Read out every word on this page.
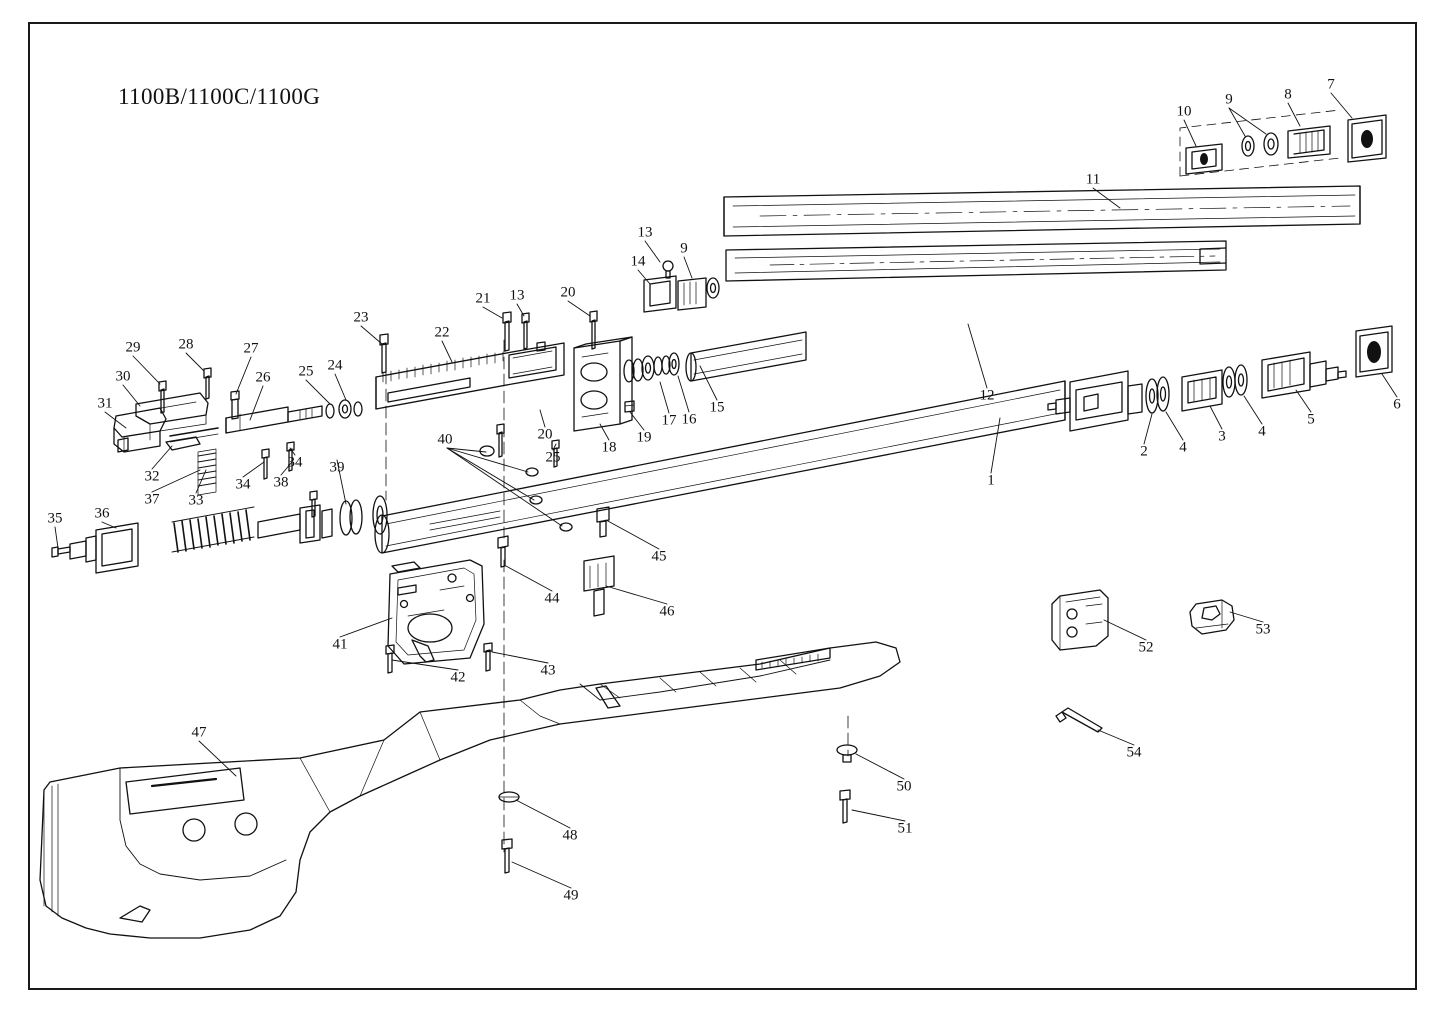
1100B/1100C/1100G
10
9	8
7
11
13
9
14
12
23
21 13 20
22
29	28	27
30	26 25 24
31
17 16
15
19
18
20
32
33
34
37
34
38
39
40
25	2 4
3 4
5
6
1
35 36
45
44
46
41
42	43
52
53
54
47
50
48	51
49
